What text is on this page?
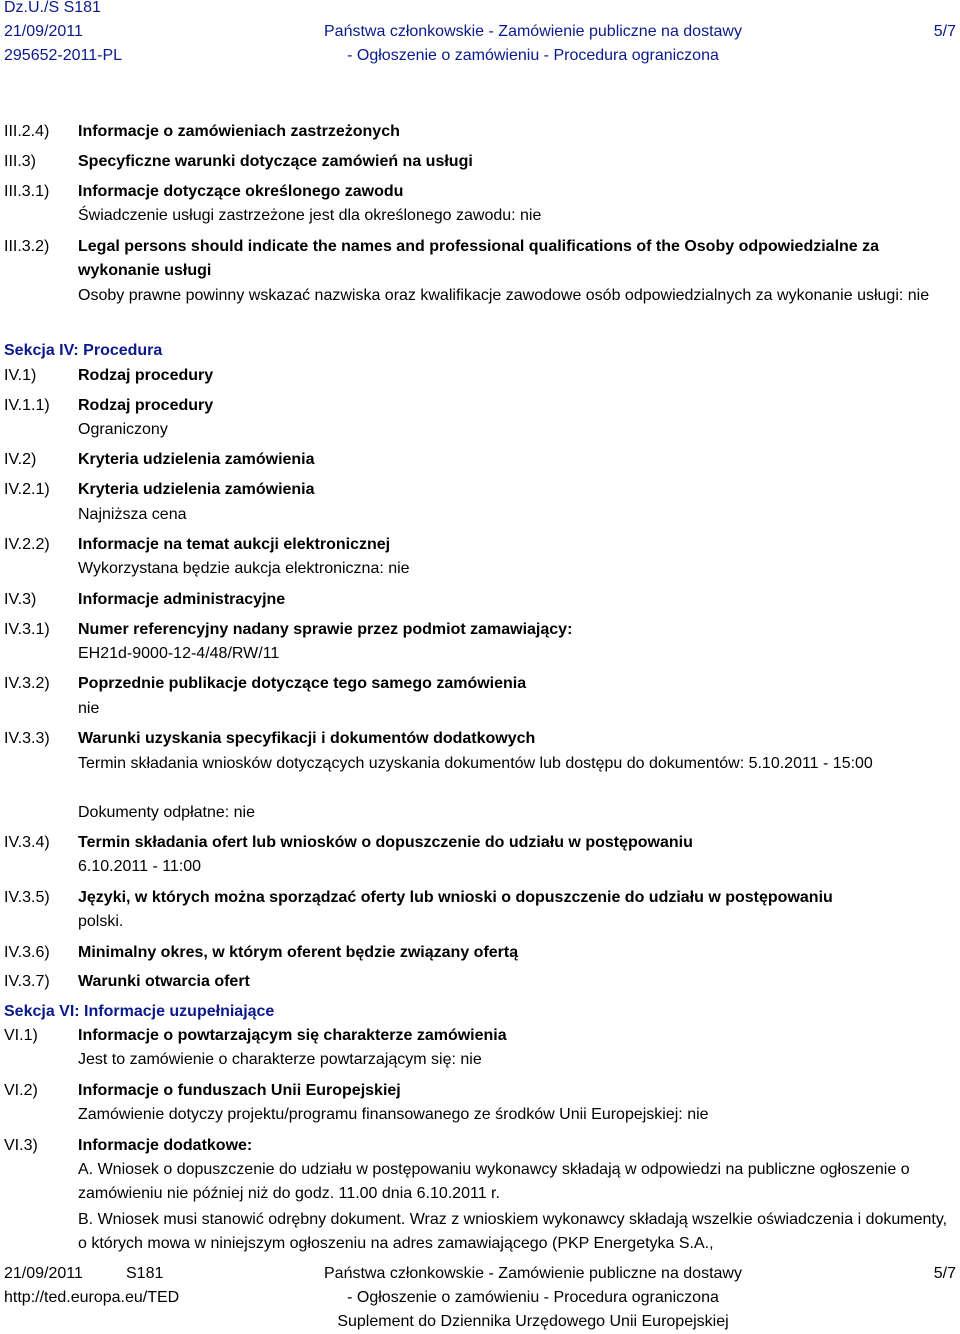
Dz.U./S S181
21/09/2011
295652-2011-PL
Państwa członkowskie - Zamówienie publiczne na dostawy
- Ogłoszenie o zamówieniu - Procedura ograniczona
5/7
III.2.4) Informacje o zamówieniach zastrzeżonych
III.3)	Specyficzne warunki dotyczące zamówień na usługi
III.3.1) Informacje dotyczące określonego zawodu
Świadczenie usługi zastrzeżone jest dla określonego zawodu: nie
III.3.2) Legal persons should indicate the names and professional qualifications of the Osoby odpowiedzialne za wykonanie usługi
Osoby prawne powinny wskazać nazwiska oraz kwalifikacje zawodowe osób odpowiedzialnych za wykonanie usługi: nie
Sekcja IV: Procedura
IV.1)	Rodzaj procedury
IV.1.1) Rodzaj procedury
Ograniczony
IV.2)	Kryteria udzielenia zamówienia
IV.2.1) Kryteria udzielenia zamówienia
Najniższa cena
IV.2.2) Informacje na temat aukcji elektronicznej
Wykorzystana będzie aukcja elektroniczna: nie
IV.3)	Informacje administracyjne
IV.3.1) Numer referencyjny nadany sprawie przez podmiot zamawiający:
EH21d-9000-12-4/48/RW/11
IV.3.2) Poprzednie publikacje dotyczące tego samego zamówienia
nie
IV.3.3) Warunki uzyskania specyfikacji i dokumentów dodatkowych
Termin składania wniosków dotyczących uzyskania dokumentów lub dostępu do dokumentów: 5.10.2011 - 15:00
Dokumenty odpłatne: nie
IV.3.4) Termin składania ofert lub wniosków o dopuszczenie do udziału w postępowaniu
6.10.2011 - 11:00
IV.3.5) Języki, w których można sporządzać oferty lub wnioski o dopuszczenie do udziału w postępowaniu
polski.
IV.3.6) Minimalny okres, w którym oferent będzie związany ofertą
IV.3.7) Warunki otwarcia ofert
Sekcja VI: Informacje uzupełniające
VI.1)	Informacje o powtarzającym się charakterze zamówienia
Jest to zamówienie o charakterze powtarzającym się: nie
VI.2)	Informacje o funduszach Unii Europejskiej
Zamówienie dotyczy projektu/programu finansowanego ze środków Unii Europejskiej: nie
VI.3)	Informacje dodatkowe:
A. Wniosek o dopuszczenie do udziału w postępowaniu wykonawcy składają w odpowiedzi na publiczne ogłoszenie o zamówieniu nie później niż do godz. 11.00 dnia 6.10.2011 r.
B. Wniosek musi stanowić odrębny dokument. Wraz z wnioskiem wykonawcy składają wszelkie oświadczenia i dokumenty, o których mowa w niniejszym ogłoszeniu na adres zamawiającego (PKP Energetyka S.A.,
21/09/2011	S181
http://ted.europa.eu/TED
Państwa członkowskie - Zamówienie publiczne na dostawy
- Ogłoszenie o zamówieniu - Procedura ograniczona
Suplement do Dziennika Urzędowego Unii Europejskiej
5/7
